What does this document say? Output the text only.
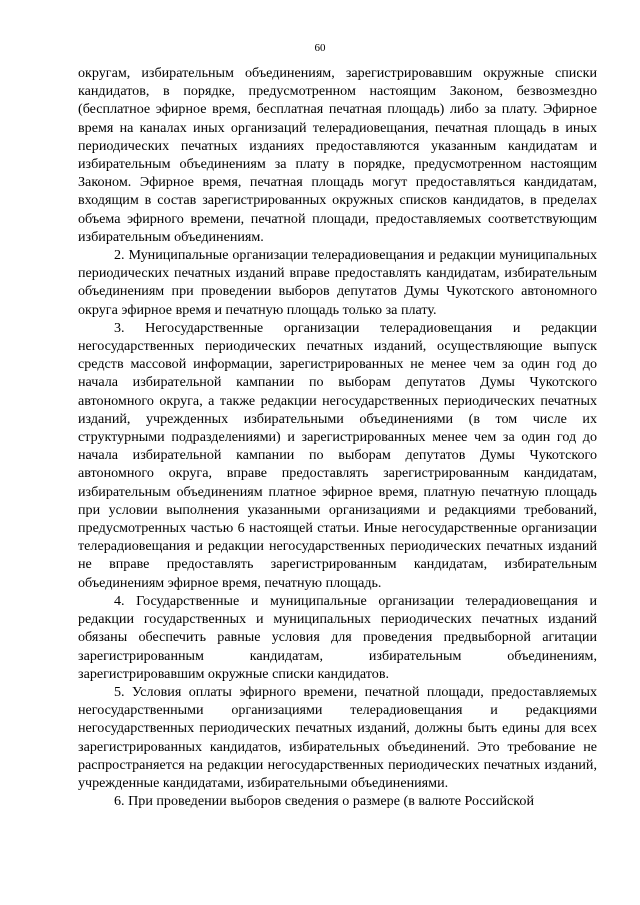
60

округам, избирательным объединениям, зарегистрировавшим окружные списки кандидатов, в порядке, предусмотренном настоящим Законом, безвозмездно (бесплатное эфирное время, бесплатная печатная площадь) либо за плату. Эфирное время на каналах иных организаций телерадиовещания, печатная площадь в иных периодических печатных изданиях предоставляются указанным кандидатам и избирательным объединениям за плату в порядке, предусмотренном настоящим Законом. Эфирное время, печатная площадь могут предоставляться кандидатам, входящим в состав зарегистрированных окружных списков кандидатов, в пределах объема эфирного времени, печатной площади, предоставляемых соответствующим избирательным объединениям.

2. Муниципальные организации телерадиовещания и редакции муниципальных периодических печатных изданий вправе предоставлять кандидатам, избирательным объединениям при проведении выборов депутатов Думы Чукотского автономного округа эфирное время и печатную площадь только за плату.

3. Негосударственные организации телерадиовещания и редакции негосударственных периодических печатных изданий, осуществляющие выпуск средств массовой информации, зарегистрированных не менее чем за один год до начала избирательной кампании по выборам депутатов Думы Чукотского автономного округа, а также редакции негосударственных периодических печатных изданий, учрежденных избирательными объединениями (в том числе их структурными подразделениями) и зарегистрированных менее чем за один год до начала избирательной кампании по выборам депутатов Думы Чукотского автономного округа, вправе предоставлять зарегистрированным кандидатам, избирательным объединениям платное эфирное время, платную печатную площадь при условии выполнения указанными организациями и редакциями требований, предусмотренных частью 6 настоящей статьи. Иные негосударственные организации телерадиовещания и редакции негосударственных периодических печатных изданий не вправе предоставлять зарегистрированным кандидатам, избирательным объединениям эфирное время, печатную площадь.

4. Государственные и муниципальные организации телерадиовещания и редакции государственных и муниципальных периодических печатных изданий обязаны обеспечить равные условия для проведения предвыборной агитации зарегистрированным кандидатам, избирательным объединениям, зарегистрировавшим окружные списки кандидатов.

5. Условия оплаты эфирного времени, печатной площади, предоставляемых негосударственными организациями телерадиовещания и редакциями негосударственных периодических печатных изданий, должны быть едины для всех зарегистрированных кандидатов, избирательных объединений. Это требование не распространяется на редакции негосударственных периодических печатных изданий, учрежденные кандидатами, избирательными объединениями.

6. При проведении выборов сведения о размере (в валюте Российской
